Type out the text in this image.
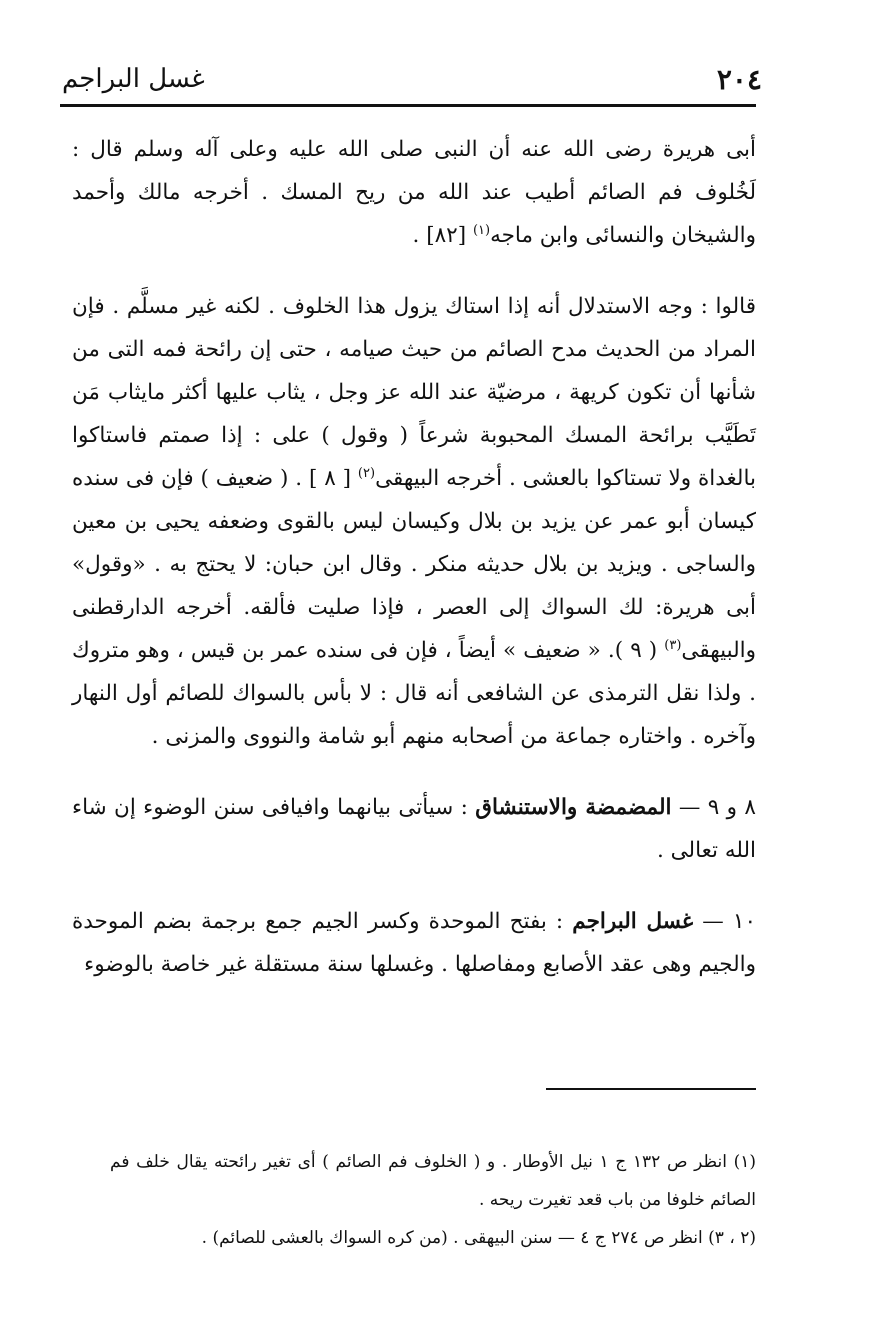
٢٠٤
غسل البراجم

أبى هريرة رضى الله عنه أن النبى صلى الله عليه وعلى آله وسلم قال : لَخُلوف فم الصائم أطيب عند الله من ريح المسك . أخرجه مالك وأحمد والشيخان والنسائى وابن ماجه$^{(١)}$ [٨٢] .

قالوا : وجه الاستدلال أنه إذا استاك يزول هذا الخلوف . لكنه غير مسلَّم . فإن المراد من الحديث مدح الصائم من حيث صيامه ، حتى إن رائحة فمه التى من شأنها أن تكون كريهة ، مرضيّة عند الله عز وجل ، يثاب عليها أكثر مايثاب مَن تَطَيَّب برائحة المسك المحبوبة شرعاً ( وقول ) على : إذا صمتم فاستاكوا بالغداة ولا تستاكوا بالعشى . أخرجه البيهقى$^{(٢)}$ [ ٨ ] . ( ضعيف ) فإن فى سنده كيسان أبو عمر عن يزيد بن بلال وكيسان ليس بالقوى وضعفه يحيى بن معين والساجى . ويزيد بن بلال حديثه منكر . وقال ابن حبان: لا يحتج به . «وقول» أبى هريرة: لك السواك إلى العصر ، فإذا صليت فألقه. أخرجه الدارقطنى والبيهقى$^{(٣)}$ ( ٩ ). « ضعيف » أيضاً ، فإن فى سنده عمر بن قيس ، وهو متروك . ولذا نقل الترمذى عن الشافعى أنه قال : لا بأس بالسواك للصائم أول النهار وآخره . واختاره جماعة من أصحابه منهم أبو شامة والنووى والمزنى .

٨ و ٩ — المضمضة والاستنشاق : سيأتى بيانهما وافيافى سنن الوضوء إن شاء الله تعالى .

١٠ — غسل البراجم : بفتح الموحدة وكسر الجيم جمع برجمة بضم الموحدة والجيم وهى عقد الأصابع ومفاصلها . وغسلها سنة مستقلة غير خاصة بالوضوء

(١) انظر ص ١٣٢ ج ١ نيل الأوطار . و ( الخلوف فم الصائم ) أى تغير رائحته يقال خلف فم الصائم خلوفا من باب قعد تغيرت ريحه .

(٢ ، ٣) انظر ص ٢٧٤ ج ٤ — سنن البيهقى . (من كره السواك بالعشى للصائم) .
